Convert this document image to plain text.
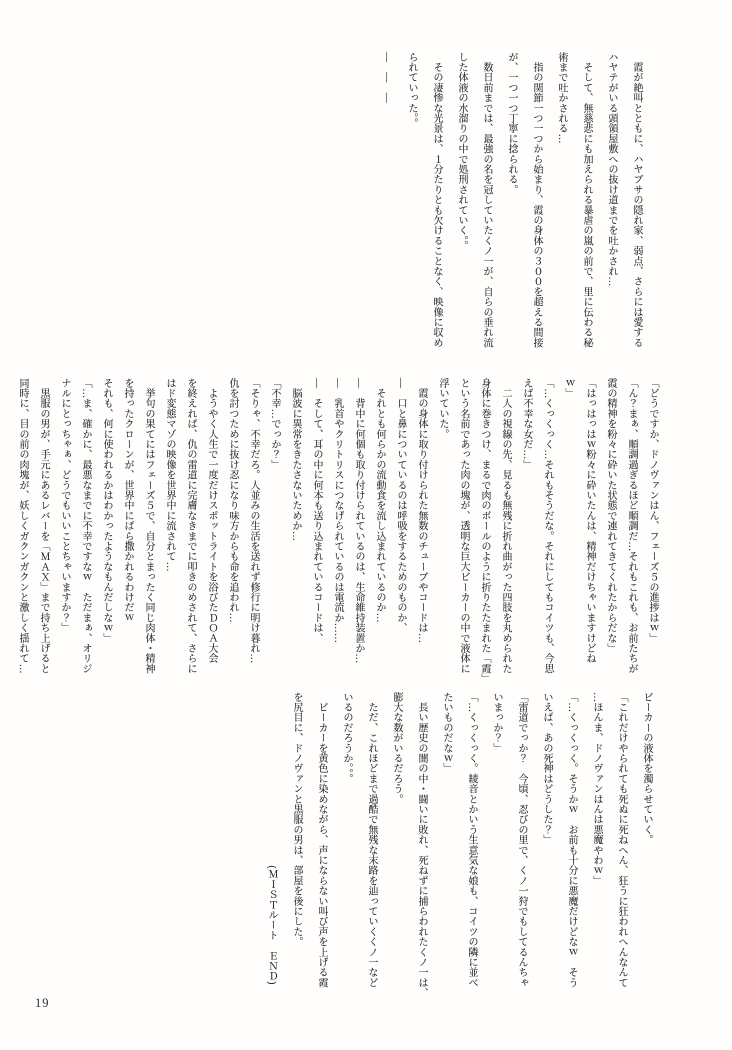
　霞が絶叫とともに、ハヤブサの隠れ家、弱点、さらには愛する

ハヤテがいる頭領屋敷への抜け道までを吐かされ…

　そして、無慈悲にも加えられる暴虐の嵐の前で、里に伝わる秘

術まで吐かされる…

　指の関節一つ一つから始まり、霞の身体の３００を超える間接

が、一つ一つ丁寧に捻られる。

　数日前までは、最強の名を冠していたくノ一が、自らの垂れ流

した体液の水溜りの中で処刑されていく。。

　その凄惨な光景は、１分たりとも欠けることなく、映像に収め

られていった。。

―　―　―

「どうですか、ドノヴァンはん、フェーズ５の進捗はｗ」

「ん？まぁ、順調過ぎるほど順調だ…それもこれも、お前たちが

霞の精神を粉々に砕いた状態で連れてきてくれたからだな」

「はっはっはｗ粉々に砕いたんは、精神だけちゃいますけどね

ｗ」

「…くっくっく…それもそうだな。それにしてもコイツも、今思

えば不幸な女だ…」

　二人の視線の先、見るも無残に折れ曲がった四肢を丸められた

身体に巻きつけ、まるで肉のボールのように折りたたまれた「霞」

という名前であった肉の塊が、透明な巨大ビーカーの中で液体に

浮いていた。

　霞の身体に取り付けられた無数のチューブやコードは…

―　口と鼻についているのは呼吸をするためのものか、

　それとも何らかの流動食を流し込まれているのか…

―　背中に何個も取り付けられているのは、生命維持装置か…

―　乳首やクリトリスにつなげられているのは電流か……

―　そして、耳の中に何本も送り込まれているコードは、

　脳波に異常をきたさないためか…

「不幸…でっか？」

「そりゃ、不幸だろ。人並みの生活を送れず修行に明け暮れ…

仇を討つために抜け忍になり味方からも命を追われ…

　ようやく人生で一度だけスポットライトを浴びたＤＯＡ大会

を終えれば、仇の雷道に完膚なきまでに叩きのめされて、さらに

はド変態マゾの映像を世界中に流されて…

　挙句の果てにはフェーズ５で、自分とまったく同じ肉体・精神

を持ったクローンが、世界中にばら撒かれるわけだｗ

それも、何に使われるかはわかったようなもんだしなｗ」

「…ま、確かに、最悪なまでに不幸ですなｗ　ただまぁ、オリジ

ナルにとっちゃぁ、どうでもいいことちゃいますか？」

　黒服の男が、手元にあるレバーを「ＭＡＸ」まで持ち上げると

同時に、目の前の肉塊が、妖しくガクンガクンと激しく揺れて…

ビーカーの液体を濁らせていく。

「これだけやられても死ぬに死ねへん、狂うに狂われへんなんて

…ほんま、ドノヴァンはんは悪魔やわｗ」

「…くっくっく。そうかｗ　お前も十分に悪魔だけどなｗ　そう

いえば、あの死神はどうした？」

「雷道でっか？　今頃、忍びの里で、くノ一狩でもしてるんちゃ

いまっか？」

「…くっくっく。綾音とかいう生意気な娘も、コイツの隣に並べ

たいものだなｗ」

　長い歴史の闇の中・闘いに敗れ、死ねずに捕らわれたくノ一は、

膨大な数がいるだろう。

　ただ、これほどまで過酷で無残な末路を辿っていくくノ一など

いるのだろうか。。。

　ビーカーを黄色に染めながら、声にならない叫び声を上げる霞

を尻目に、ドノヴァンと黒服の男は、部屋を後にした。

　　　　　　　　　　　　　　　　　(ＭＩＳＴルート　ＥＮＤ)

19
